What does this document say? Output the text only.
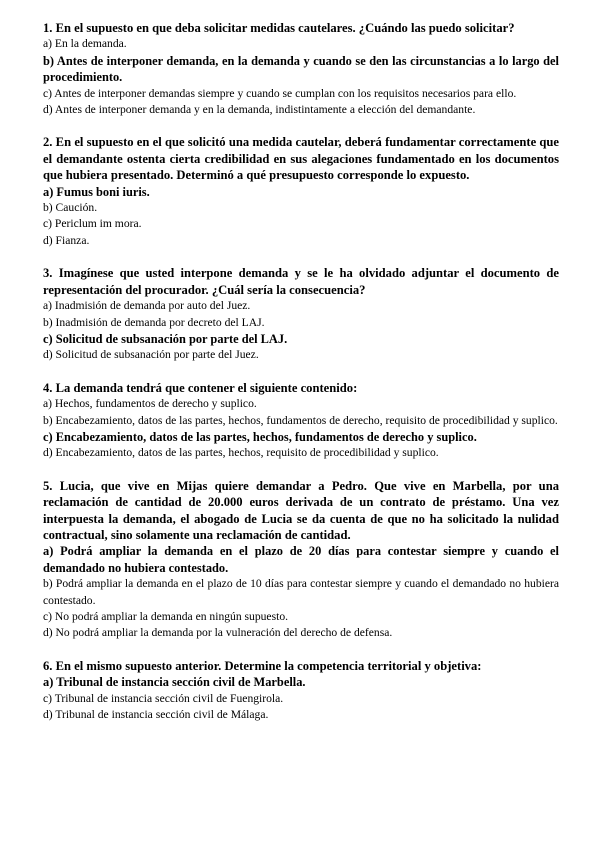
1. En el supuesto en que deba solicitar medidas cautelares. ¿Cuándo las puedo solicitar?

a) En la demanda.

b) Antes de interponer demanda, en la demanda y cuando se den las circunstancias a lo largo del procedimiento.

c) Antes de interponer demandas siempre y cuando se cumplan con los requisitos necesarios para ello.

d) Antes de interponer demanda y en la demanda, indistintamente a elección del demandante.

2. En el supuesto en el que solicitó una medida cautelar, deberá fundamentar correctamente que el demandante ostenta cierta credibilidad en sus alegaciones fundamentado en los documentos que hubiera presentado. Determinó a qué presupuesto corresponde lo expuesto.

a) Fumus boni iuris.

b) Caución.

c) Periclum im mora.

d) Fianza.

3. Imagínese que usted interpone demanda y se le ha olvidado adjuntar el documento de representación del procurador. ¿Cuál sería la consecuencia?

a) Inadmisión de demanda por auto del Juez.

b) Inadmisión de demanda por decreto del LAJ.

c) Solicitud de subsanación por parte del LAJ.

d) Solicitud de subsanación por parte del Juez.

4. La demanda tendrá que contener el siguiente contenido:

a) Hechos, fundamentos de derecho y suplico.

b) Encabezamiento, datos de las partes, hechos, fundamentos de derecho, requisito de procedibilidad y suplico.

c) Encabezamiento, datos de las partes, hechos, fundamentos de derecho y suplico.

d) Encabezamiento, datos de las partes, hechos, requisito de procedibilidad y suplico.

5. Lucia, que vive en Mijas quiere demandar a Pedro. Que vive en Marbella, por una reclamación de cantidad de 20.000 euros derivada de un contrato de préstamo. Una vez interpuesta la demanda, el abogado de Lucia se da cuenta de que no ha solicitado la nulidad contractual, sino solamente una reclamación de cantidad.

a) Podrá ampliar la demanda en el plazo de 20 días para contestar siempre y cuando el demandado no hubiera contestado.

b) Podrá ampliar la demanda en el plazo de 10 días para contestar siempre y cuando el demandado no hubiera contestado.

c) No podrá ampliar la demanda en ningún supuesto.

d) No podrá ampliar la demanda por la vulneración del derecho de defensa.

6. En el mismo supuesto anterior. Determine la competencia territorial y objetiva:

a) Tribunal de instancia sección civil de Marbella.

c) Tribunal de instancia sección civil de Fuengirola.

d) Tribunal de instancia sección civil de Málaga.
